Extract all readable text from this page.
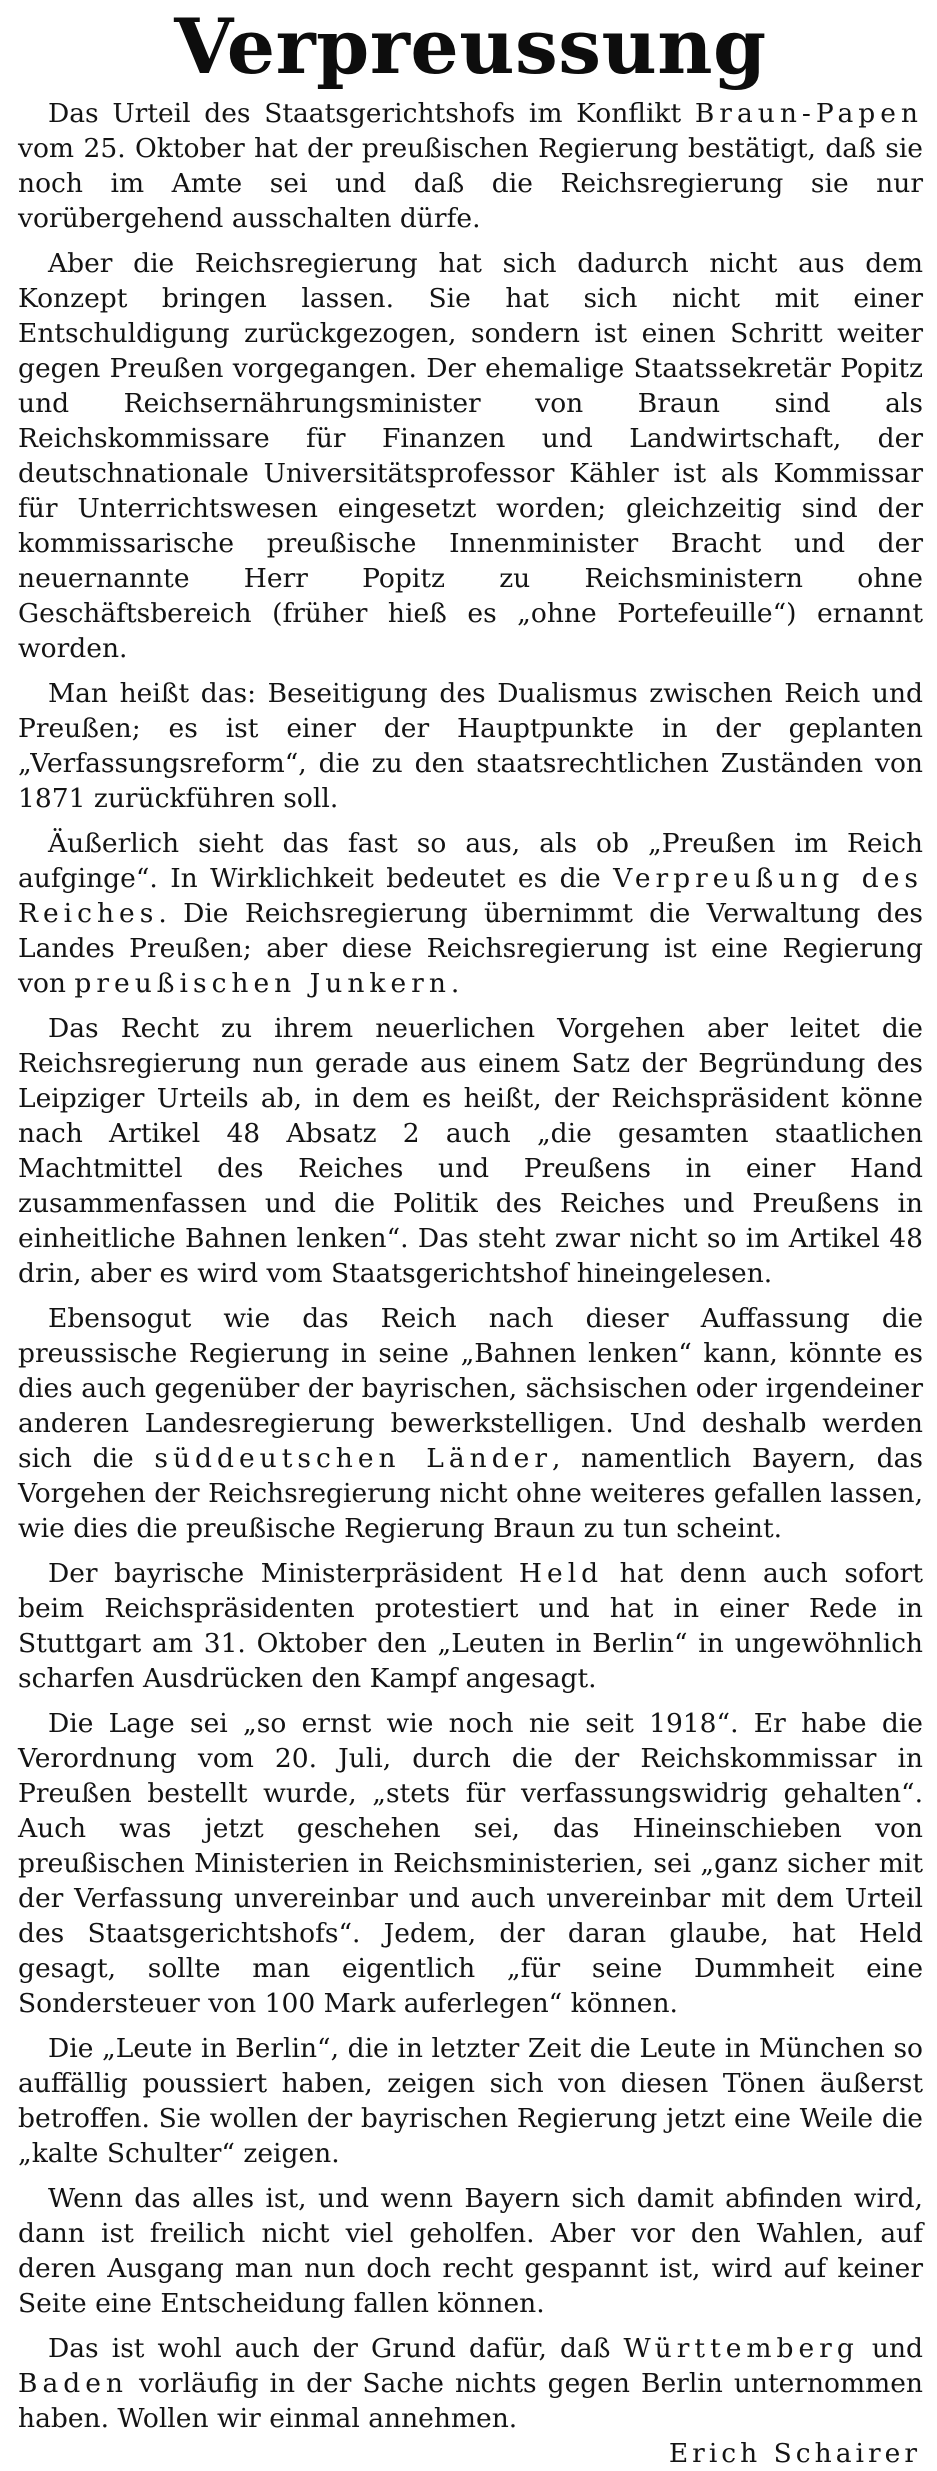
Verpreussung

Das Urteil des Staatsgerichtshofs im Konflikt Braun-Papen vom 25. Oktober hat der preußischen Regierung bestätigt, daß sie noch im Amte sei und daß die Reichsregierung sie nur vorübergehend ausschalten dürfe.

Aber die Reichsregierung hat sich dadurch nicht aus dem Konzept bringen lassen. Sie hat sich nicht mit einer Entschuldigung zurückgezogen, sondern ist einen Schritt weiter gegen Preußen vorgegangen. Der ehemalige Staatssekretär Popitz und Reichsernährungsminister von Braun sind als Reichskommissare für Finanzen und Landwirtschaft, der deutschnationale Universitätsprofessor Kähler ist als Kommissar für Unterrichtswesen eingesetzt worden; gleichzeitig sind der kommissarische preußische Innenminister Bracht und der neuernannte Herr Popitz zu Reichsministern ohne Geschäftsbereich (früher hieß es „ohne Portefeuille“) ernannt worden.

Man heißt das: Beseitigung des Dualismus zwischen Reich und Preußen; es ist einer der Hauptpunkte in der geplanten „Verfassungsreform“, die zu den staatsrechtlichen Zuständen von 1871 zurückführen soll.

Äußerlich sieht das fast so aus, als ob „Preußen im Reich aufginge“. In Wirklichkeit bedeutet es die Verpreußung des Reiches. Die Reichsregierung übernimmt die Verwaltung des Landes Preußen; aber diese Reichsregierung ist eine Regierung von preußischen Junkern.

Das Recht zu ihrem neuerlichen Vorgehen aber leitet die Reichsregierung nun gerade aus einem Satz der Begründung des Leipziger Urteils ab, in dem es heißt, der Reichspräsident könne nach Artikel 48 Absatz 2 auch „die gesamten staatlichen Machtmittel des Reiches und Preußens in einer Hand zusammenfassen und die Politik des Reiches und Preußens in einheitliche Bahnen lenken“. Das steht zwar nicht so im Artikel 48 drin, aber es wird vom Staatsgerichtshof hineingelesen.

Ebensogut wie das Reich nach dieser Auffassung die preussische Regierung in seine „Bahnen lenken“ kann, könnte es dies auch gegenüber der bayrischen, sächsischen oder irgendeiner anderen Landesregierung bewerkstelligen. Und deshalb werden sich die süddeutschen Länder, namentlich Bayern, das Vorgehen der Reichsregierung nicht ohne weiteres gefallen lassen, wie dies die preußische Regierung Braun zu tun scheint.

Der bayrische Ministerpräsident Held hat denn auch sofort beim Reichspräsidenten protestiert und hat in einer Rede in Stuttgart am 31. Oktober den „Leuten in Berlin“ in ungewöhnlich scharfen Ausdrücken den Kampf angesagt.

Die Lage sei „so ernst wie noch nie seit 1918“. Er habe die Verordnung vom 20. Juli, durch die der Reichskommissar in Preußen bestellt wurde, „stets für verfassungswidrig gehalten“. Auch was jetzt geschehen sei, das Hineinschieben von preußischen Ministerien in Reichsministerien, sei „ganz sicher mit der Verfassung unvereinbar und auch unvereinbar mit dem Urteil des Staatsgerichtshofs“. Jedem, der daran glaube, hat Held gesagt, sollte man eigentlich „für seine Dummheit eine Sondersteuer von 100 Mark auferlegen“ können.

Die „Leute in Berlin“, die in letzter Zeit die Leute in München so auffällig poussiert haben, zeigen sich von diesen Tönen äußerst betroffen. Sie wollen der bayrischen Regierung jetzt eine Weile die „kalte Schulter“ zeigen.

Wenn das alles ist, und wenn Bayern sich damit abfinden wird, dann ist freilich nicht viel geholfen. Aber vor den Wahlen, auf deren Ausgang man nun doch recht gespannt ist, wird auf keiner Seite eine Entscheidung fallen können.

Das ist wohl auch der Grund dafür, daß Württemberg und Baden vorläufig in der Sache nichts gegen Berlin unternommen haben. Wollen wir einmal annehmen.

Erich Schairer
